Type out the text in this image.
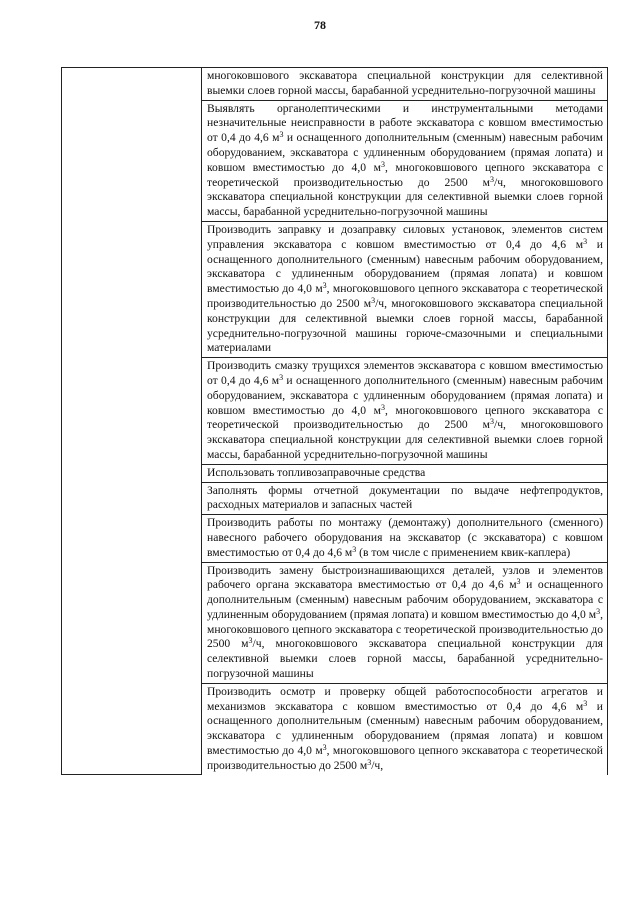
78
	многоковшового экскаватора специальной конструкции для селективной выемки слоев горной массы, барабанной усреднительно-погрузочной машины
Выявлять органолептическими и инструментальными методами незначительные неисправности в работе экскаватора с ковшом вместимостью от 0,4 до 4,6 $м^3$ и оснащенного дополнительным (сменным) навесным рабочим оборудованием, экскаватора с удлиненным оборудованием (прямая лопата) и ковшом вместимостью до 4,0 $м^3$, многоковшового цепного экскаватора с теоретической производительностью до 2500 $м^3/ч$, многоковшового экскаватора специальной конструкции для селективной выемки слоев горной массы, барабанной усреднительно-погрузочной машины
Производить заправку и дозаправку силовых установок, элементов систем управления экскаватора с ковшом вместимостью от 0,4 до 4,6 $м^3$ и оснащенного дополнительного (сменным) навесным рабочим оборудованием, экскаватора с удлиненным оборудованием (прямая лопата) и ковшом вместимостью до 4,0 $м^3$, многоковшового цепного экскаватора с теоретической производительностью до 2500 $м^3/ч$, многоковшового экскаватора специальной конструкции для селективной выемки слоев горной массы, барабанной усреднительно-погрузочной машины горюче-смазочными и специальными материалами
Производить смазку трущихся элементов экскаватора с ковшом вместимостью от 0,4 до 4,6 $м^3$ и оснащенного дополнительного (сменным) навесным рабочим оборудованием, экскаватора с удлиненным оборудованием (прямая лопата) и ковшом вместимостью до 4,0 $м^3$, многоковшового цепного экскаватора с теоретической производительностью до 2500 $м^3/ч$, многоковшового экскаватора специальной конструкции для селективной выемки слоев горной массы, барабанной усреднительно-погрузочной машины
Использовать топливозаправочные средства
Заполнять формы отчетной документации по выдаче нефтепродуктов, расходных материалов и запасных частей
Производить работы по монтажу (демонтажу) дополнительного (сменного) навесного рабочего оборудования на экскаватор (с экскаватора) с ковшом вместимостью от 0,4 до 4,6 $м^3$ (в том числе с применением квик-каплера)
Производить замену быстроизнашивающихся деталей, узлов и элементов рабочего органа экскаватора вместимостью от 0,4 до 4,6 $м^3$ и оснащенного дополнительным (сменным) навесным рабочим оборудованием, экскаватора с удлиненным оборудованием (прямая лопата) и ковшом вместимостью до 4,0 $м^3$, многоковшового цепного экскаватора с теоретической производительностью до 2500 $м^3/ч$, многоковшового экскаватора специальной конструкции для селективной выемки слоев горной массы, барабанной усреднительно-погрузочной машины
Производить осмотр и проверку общей работоспособности агрегатов и механизмов экскаватора с ковшом вместимостью от 0,4 до 4,6 $м^3$ и оснащенного дополнительным (сменным) навесным рабочим оборудованием, экскаватора с удлиненным оборудованием (прямая лопата) и ковшом вместимостью до 4,0 $м^3$, многоковшового цепного экскаватора с теоретической производительностью до 2500 $м^3/ч$,
